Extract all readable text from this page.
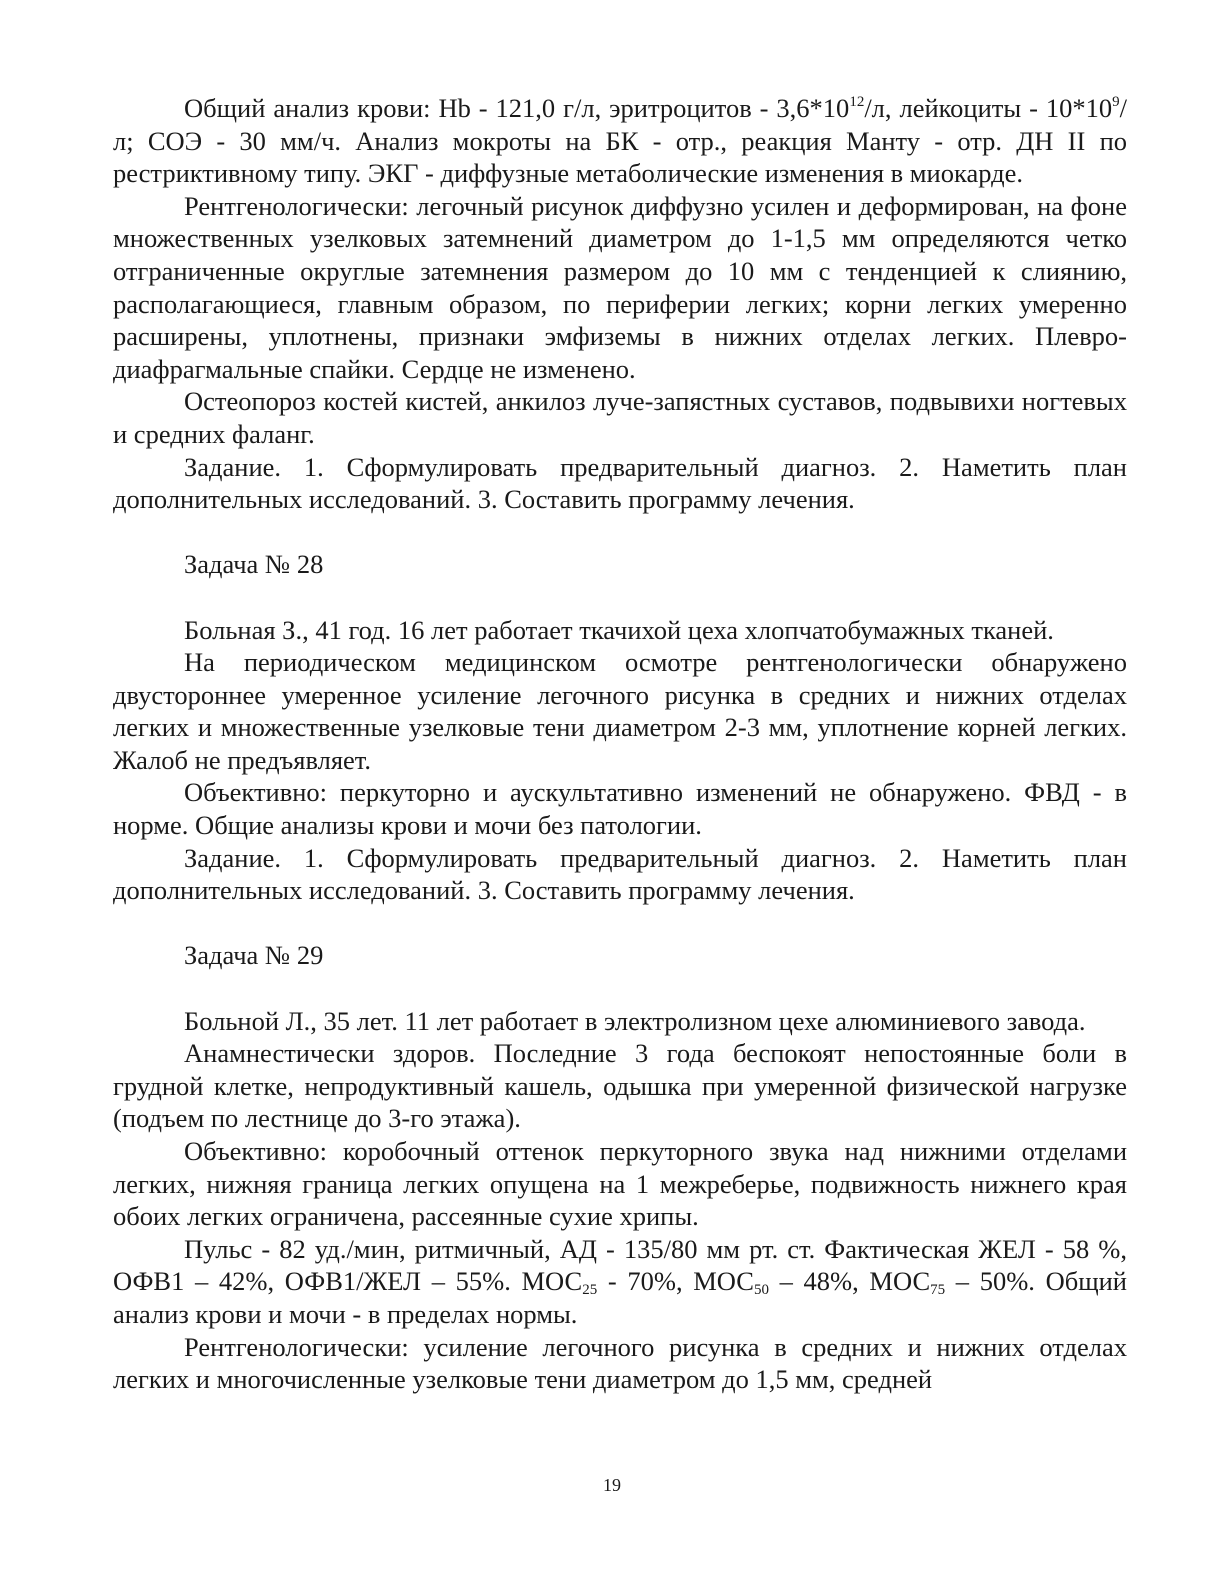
Общий анализ крови: Hb - 121,0 г/л, эритроцитов - $3,6*10^{12}/л$, лейкоциты - $10*10^9/л$; СОЭ - 30 мм/ч. Анализ мокроты на БК - отр., реакция Манту - отр. ДН II по рестриктивному типу. ЭКГ - диффузные метаболические изменения в миокарде.

Рентгенологически: легочный рисунок диффузно усилен и деформирован, на фоне множественных узелковых затемнений диаметром до 1-1,5 мм определяются четко отграниченные округлые затемнения размером до 10 мм с тенденцией к слиянию, располагающиеся, главным образом, по периферии легких; корни легких умеренно расширены, уплотнены, признаки эмфиземы в нижних отделах легких. Плевро-диафрагмальные спайки. Сердце не изменено.

Остеопороз костей кистей, анкилоз луче-запястных суставов, подвывихи ногтевых и средних фаланг.

Задание. 1. Сформулировать предварительный диагноз. 2. Наметить план дополнительных исследований. 3. Составить программу лечения.

Задача № 28

Больная З., 41 год. 16 лет работает ткачихой цеха хлопчатобумажных тканей.

На периодическом медицинском осмотре рентгенологически обнаружено двустороннее умеренное усиление легочного рисунка в средних и нижних отделах легких и множественные узелковые тени диаметром 2-3 мм, уплотнение корней легких. Жалоб не предъявляет.

Объективно: перкуторно и аускультативно изменений не обнаружено. ФВД - в норме. Общие анализы крови и мочи без патологии.

Задание. 1. Сформулировать предварительный диагноз. 2. Наметить план дополнительных исследований. 3. Составить программу лечения.

Задача № 29

Больной Л., 35 лет. 11 лет работает в электролизном цехе алюминиевого завода.

Анамнестически здоров. Последние 3 года беспокоят непостоянные боли в грудной клетке, непродуктивный кашель, одышка при умеренной физической нагрузке (подъем по лестнице до 3-го этажа).

Объективно: коробочный оттенок перкуторного звука над нижними отделами легких, нижняя граница легких опущена на 1 межреберье, подвижность нижнего края обоих легких ограничена, рассеянные сухие хрипы.

Пульс - 82 уд./мин, ритмичный, АД - 135/80 мм рт. ст. Фактическая ЖЕЛ - 58 %, ОФВ1 – 42%, ОФВ1/ЖЕЛ – 55%. $МОС_{25} - 70\%$, $МОС_{50} - 48\%$, $МОС_{75} - 50\%$. Общий анализ крови и мочи - в пределах нормы.

Рентгенологически: усиление легочного рисунка в средних и нижних отделах легких и многочисленные узелковые тени диаметром до 1,5 мм, средней

19
